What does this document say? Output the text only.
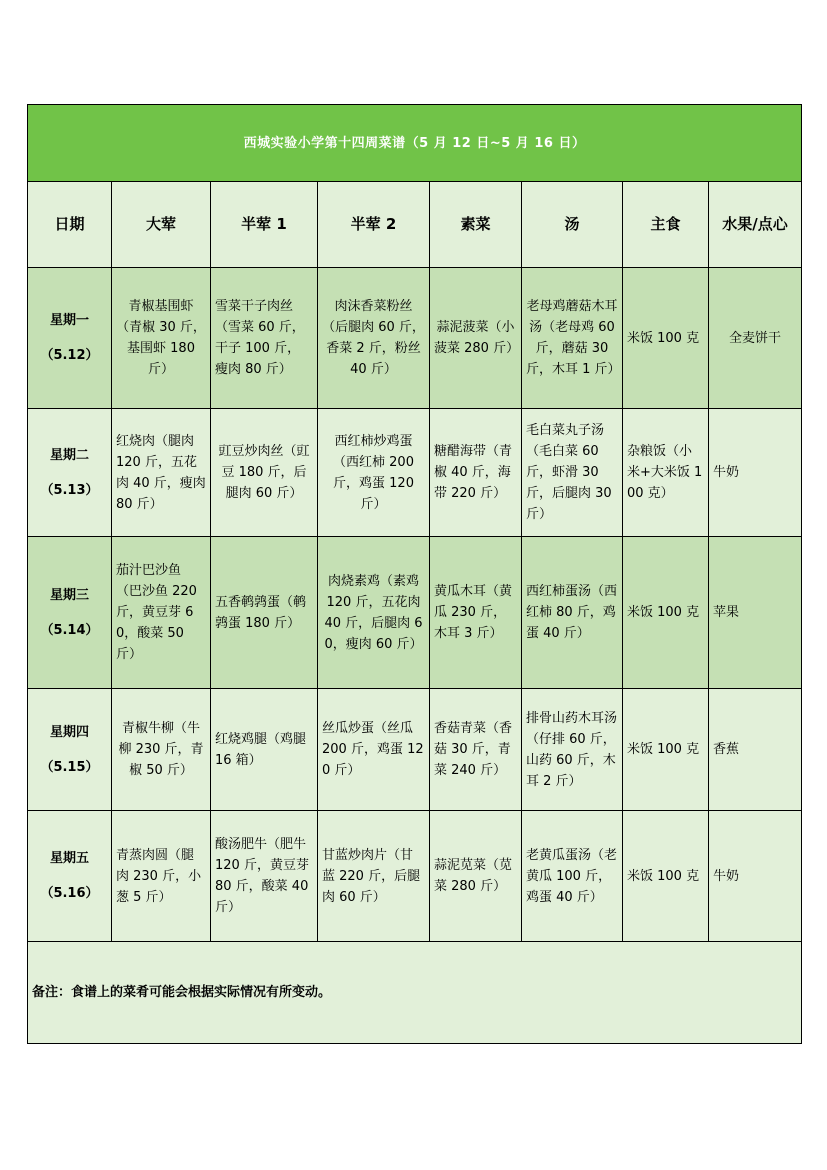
西城实验小学第十四周菜谱（5 月 12 日~5 月 16 日）							
日期	大荤	半荤 1	半荤 2	素菜	汤	主食	水果/点心

星期一
（5.12）	青椒基围虾（青椒 30 斤，基围虾 180 斤）	雪菜干子肉丝（雪菜 60 斤，干子 100 斤，瘦肉 80 斤）	肉沫香菜粉丝（后腿肉 60 斤，香菜 2 斤，粉丝 40 斤）	蒜泥菠菜（小菠菜 280 斤）	老母鸡蘑菇木耳汤（老母鸡 60 斤，蘑菇 30 斤，木耳 1 斤）	米饭 100 克	全麦饼干

星期二
（5.13）	红烧肉（腿肉 120 斤，五花肉 40 斤，瘦肉 80 斤）	豇豆炒肉丝（豇豆 180 斤，后腿肉 60 斤）	西红柿炒鸡蛋（西红柿 200 斤，鸡蛋 120 斤）	糖醋海带（青椒 40 斤，海带 220 斤）	毛白菜丸子汤（毛白菜 60 斤，虾滑 30 斤，后腿肉 30 斤）	杂粮饭（小米+大米饭 100 克）	牛奶

星期三
（5.14）	茄汁巴沙鱼（巴沙鱼 220 斤，黄豆芽 60，酸菜 50 斤）	五香鹌鹑蛋（鹌鹑蛋 180 斤）	肉烧素鸡（素鸡 120 斤，五花肉 40 斤，后腿肉 60，瘦肉 60 斤）	黄瓜木耳（黄瓜 230 斤，木耳 3 斤）	西红柿蛋汤（西红柿 80 斤，鸡蛋 40 斤）	米饭 100 克	苹果

星期四
（5.15）	青椒牛柳（牛柳 230 斤，青椒 50 斤）	红烧鸡腿（鸡腿 16 箱）	丝瓜炒蛋（丝瓜 200 斤，鸡蛋 120 斤）	香菇青菜（香菇 30 斤，青菜 240 斤）	排骨山药木耳汤（仔排 60 斤，山药 60 斤，木耳 2 斤）	米饭 100 克	香蕉

星期五
（5.16）	青蒸肉圆（腿肉 230 斤，小葱 5 斤）	酸汤肥牛（肥牛 120 斤，黄豆芽 80 斤，酸菜 40 斤）	甘蓝炒肉片（甘蓝 220 斤，后腿肉 60 斤）	蒜泥苋菜（苋菜 280 斤）	老黄瓜蛋汤（老黄瓜 100 斤，鸡蛋 40 斤）	米饭 100 克	牛奶
备注：食谱上的菜肴可能会根据实际情况有所变动。							
